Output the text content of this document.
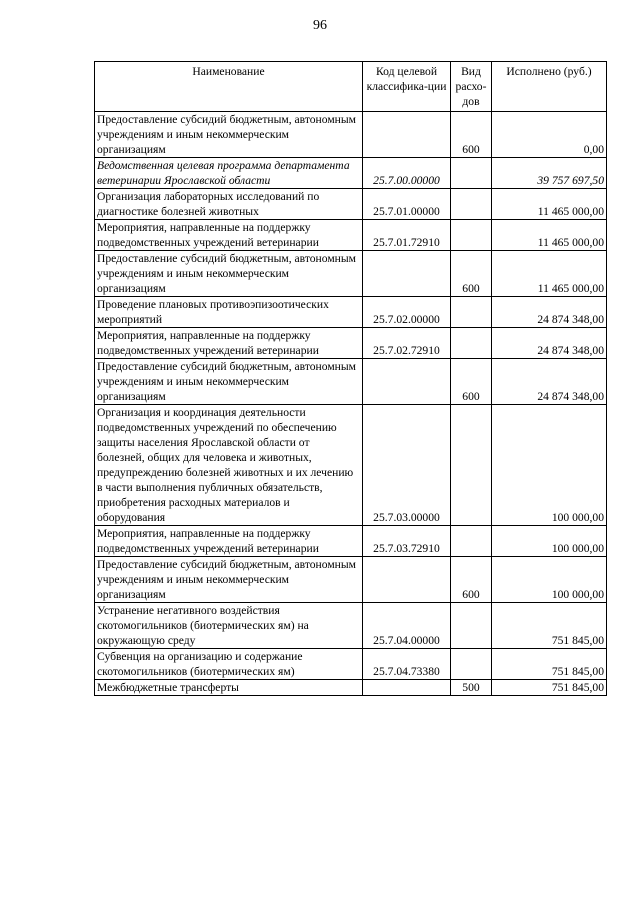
96
Наименование	Код целевой классифика-ции	Вид расхо-дов	Исполнено (руб.)
Предоставление субсидий бюджетным, автономным учреждениям и иным некоммерческим организациям		600	0,00
Ведомственная целевая программа департамента ветеринарии Ярославской области	25.7.00.00000		39 757 697,50
Организация лабораторных исследований по диагностике болезней животных	25.7.01.00000		11 465 000,00
Мероприятия, направленные на поддержку подведомственных учреждений ветеринарии	25.7.01.72910		11 465 000,00
Предоставление субсидий бюджетным, автономным учреждениям и иным некоммерческим организациям		600	11 465 000,00
Проведение плановых противоэпизоотических мероприятий	25.7.02.00000		24 874 348,00
Мероприятия, направленные на поддержку подведомственных учреждений ветеринарии	25.7.02.72910		24 874 348,00
Предоставление субсидий бюджетным, автономным учреждениям и иным некоммерческим организациям		600	24 874 348,00
Организация и координация деятельности подведомственных учреждений по обеспечению защиты населения Ярославской области от болезней, общих для человека и животных, предупреждению болезней животных и их лечению в части выполнения публичных обязательств, приобретения расходных материалов и оборудования	25.7.03.00000		100 000,00
Мероприятия, направленные на поддержку подведомственных учреждений ветеринарии	25.7.03.72910		100 000,00
Предоставление субсидий бюджетным, автономным учреждениям и иным некоммерческим организациям		600	100 000,00
Устранение негативного воздействия скотомогильников (биотермических ям) на окружающую среду	25.7.04.00000		751 845,00
Субвенция на организацию и содержание скотомогильников (биотермических ям)	25.7.04.73380		751 845,00
Межбюджетные трансферты		500	751 845,00
